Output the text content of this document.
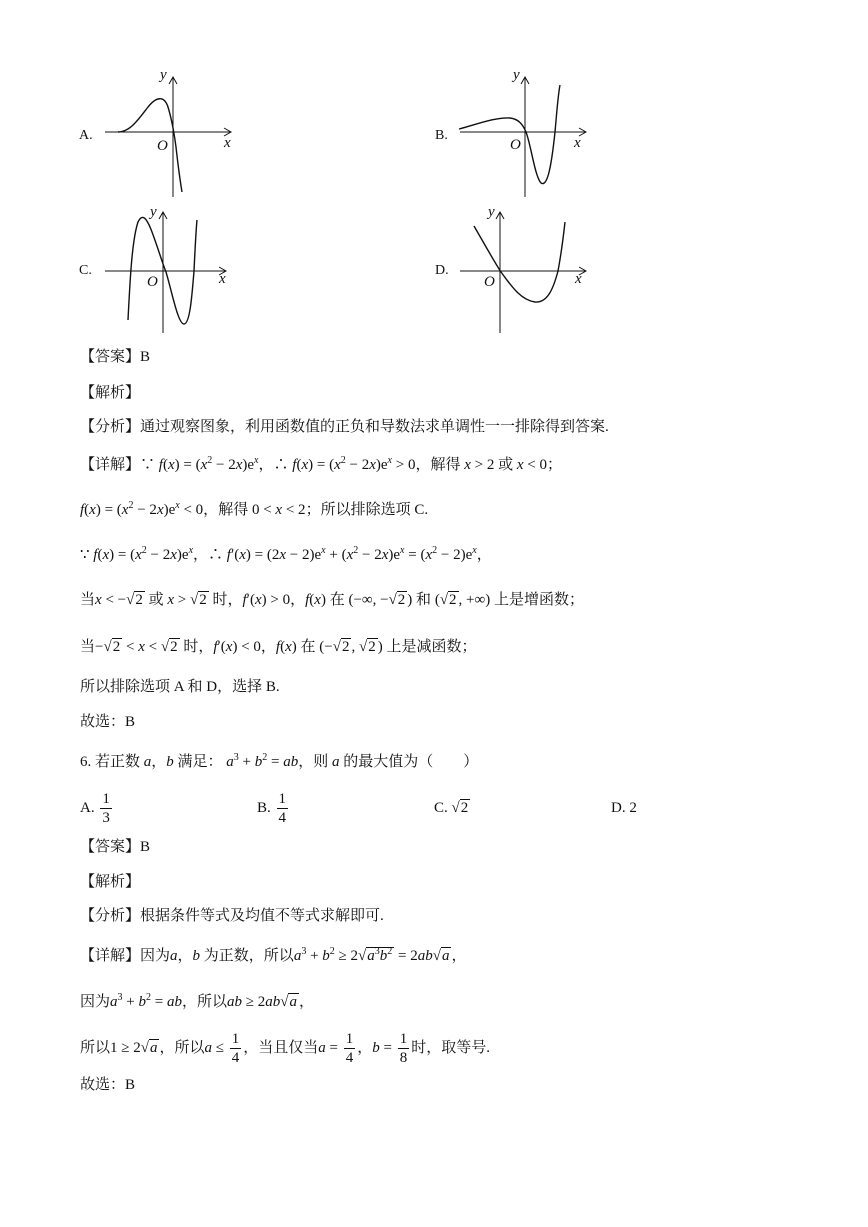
A.	x
y
O
B.	x
y
O
C.
x
y
O
D.
x
y
O
【答案】B
【解析】
【分析】通过观察图象，利用函数值的正负和导数法求单调性一一排除得到答案.
【详解】∵ $f(x) = (x^2 - 2x)e^x$，∴ $f(x) = (x^2 - 2x)e^x > 0$，解得 x > 2 或 x < 0；
$f(x) = (x^2 - 2x)e^x < 0$，解得 0 < x < 2；所以排除选项 C.
∵ $f(x) = (x^2 - 2x)e^x$，∴ $f'(x) = (2x - 2)e^x + (x^2 - 2x)e^x = (x^2 - 2)e^x$，
当x < −√2 或 x > √2 时，f′(x) > 0，f(x) 在 (−∞, −√2 ) 和 (√2 , +∞) 上是增函数；
当−√2 < x < √2 时，f′(x) < 0，f(x) 在 (−√2 , √2 ) 上是减函数；
所以排除选项 A 和 D，选择 B.
故选：B
6. 若正数 a，b 满足： $a^3 + b^2$ = ab，则 a 的最大值为（　　）
A. $\frac{1}{3}$	B. $\frac{1}{4}$	C. √2	D. 2
【答案】B
【解析】
【分析】根据条件等式及均值不等式求解即可.
【详解】因为a，b 为正数，所以$a^3 + b^2 \ge 2√a^3b^2 = 2ab√a$ ，
因为$a^3 + b^2$ = ab，所以ab ≥ 2ab√a ，
所以1 ≥ 2√a ，所以$a \le \frac{1}{4}$ ，当且仅当$a = \frac{1}{4}$ ，$b = \frac{1}{8}$ 时，取等号.
故选：B
